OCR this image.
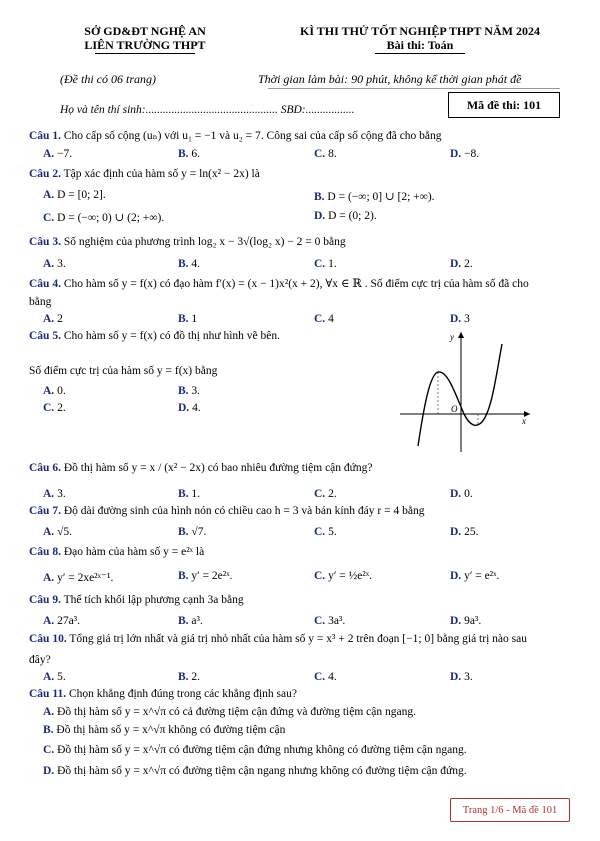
SỞ GD&ĐT NGHỆ AN
LIÊN TRƯỜNG THPT
KÌ THI THỬ TỐT NGHIỆP THPT NĂM 2024
Bài thi: Toán
(Đề thi có 06 trang)	Thời gian làm bài: 90 phút, không kể thời gian phát đề
Họ và tên thí sinh:.............................................. SBD:.................	Mã đề thi: 101
Câu 1. Cho cấp số cộng (uₙ) với u₁ = −1 và u₂ = 7. Công sai của cấp số cộng đã cho bằng
A. −7.	B. 6.	C. 8.	D. −8.
Câu 2. Tập xác định của hàm số y = ln(x² − 2x) là
A. D = [0; 2].	B. D = (−∞; 0] ∪ [2; +∞).
C. D = (−∞; 0) ∪ (2; +∞).	D. D = (0; 2).
Câu 3. Số nghiệm của phương trình log₂ x − 3√(log₂ x) − 2 = 0 bằng
A. 3.	B. 4.	C. 1.	D. 2.
Câu 4. Cho hàm số y = f(x) có đạo hàm f′(x) = (x − 1)x²(x + 2), ∀x ∈ ℝ . Số điểm cực trị của hàm số đã cho
bằng
A. 2	B. 1	C. 4	D. 3
Câu 5. Cho hàm số y = f(x) có đồ thị như hình vẽ bên.
Số điểm cực trị của hàm số y = f(x) bằng
A. 0.	B. 3.
C. 2.	D. 4.
y
x
O
Câu 6. Đồ thị hàm số y = x / (x² − 2x) có bao nhiêu đường tiệm cận đứng?
A. 3.	B. 1.	C. 2.	D. 0.
Câu 7. Độ dài đường sinh của hình nón có chiều cao h = 3 và bán kính đáy r = 4 bằng
A. √5.	B. √7.	C. 5.	D. 25.
Câu 8. Đạo hàm của hàm số y = e²ˣ là
A. y′ = 2xe²ˣ⁻¹.	B. y′ = 2e²ˣ.	C. y′ = ½e²ˣ.	D. y′ = e²ˣ.
Câu 9. Thể tích khối lập phương cạnh 3a bằng
A. 27a³.	B. a³.	C. 3a³.	D. 9a³.
Câu 10. Tổng giá trị lớn nhất và giá trị nhỏ nhất của hàm số y = x³ + 2 trên đoạn [−1; 0] bằng giá trị nào sau
đây?
A. 5.	B. 2.	C. 4.	D. 3.
Câu 11. Chọn khẳng định đúng trong các khẳng định sau?
A. Đồ thị hàm số y = x^√π có cả đường tiệm cận đứng và đường tiệm cận ngang.
B. Đồ thị hàm số y = x^√π không có đường tiệm cận
C. Đồ thị hàm số y = x^√π có đường tiệm cận đứng nhưng không có đường tiệm cận ngang.
D. Đồ thị hàm số y = x^√π có đường tiệm cận ngang nhưng không có đường tiệm cận đứng.
Trang 1/6 - Mã đề 101
